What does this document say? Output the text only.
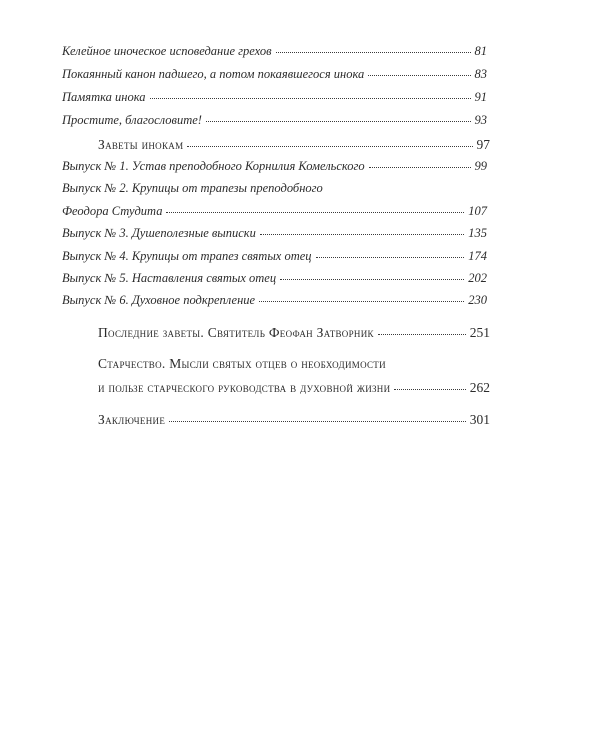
Келейное иноческое исповедание грехов	81
Покаянный канон падшего, а потом покаявшегося инока	83
Памятка инока	91
Простите, благословите!	93
Заветы инокам	97
Выпуск № 1. Устав преподобного Корнилия Комельского	99
Выпуск № 2. Крупицы от трапезы преподобного
Феодора Студита	107
Выпуск № 3. Душеполезные выписки	135
Выпуск № 4. Крупицы от трапез святых отец	174
Выпуск № 5. Наставления святых отец	202
Выпуск № 6. Духовное подкрепление	230
Последние заветы. Святитель Феофан Затворник	251
Старчество. Мысли святых отцев о необходимости
и пользе старческого руководства в духовной жизни	262
Заключение	301
